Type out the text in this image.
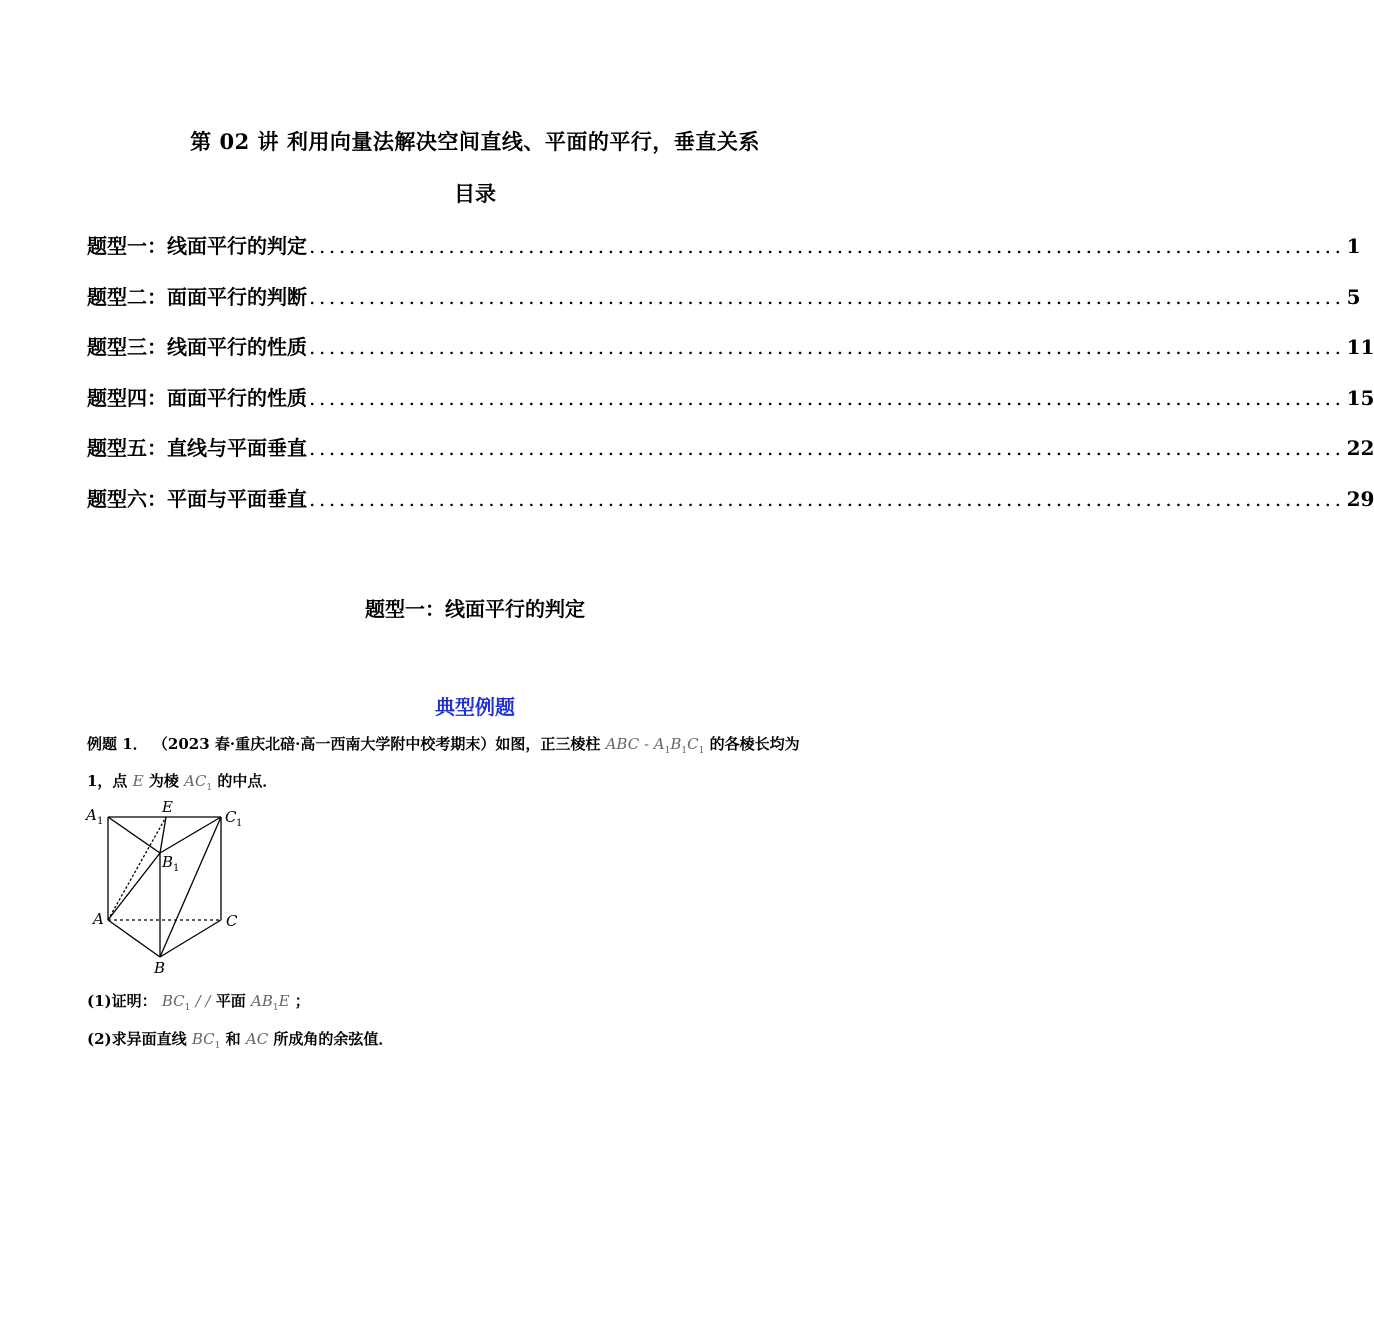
第 02 讲 利用向量法解决空间直线、平面的平行，垂直关系
目录
题型一：线面平行的判定 ........................................................................................................ 1
题型二：面面平行的判断 ........................................................................................................ 5
题型三：线面平行的性质 ........................................................................................................ 11
题型四：面面平行的性质 ........................................................................................................ 15
题型五：直线与平面垂直 ........................................................................................................ 22
题型六：平面与平面垂直 ........................................................................................................ 29
题型一：线面平行的判定
典型例题
例题 1． （2023 春·重庆北碚·高一西南大学附中校考期末）如图，正三棱柱 ABC - $A_1B_1C_1$ 的各棱长均为
1，点 E 为棱 $AC_1$ 的中点．
A 1
E
C 1
B 1
A	C
B
(1)证明： $BC_1$ / / 平面 $AB_1E$ ；
(2)求异面直线 $BC_1$ 和 AC 所成角的余弦值．
